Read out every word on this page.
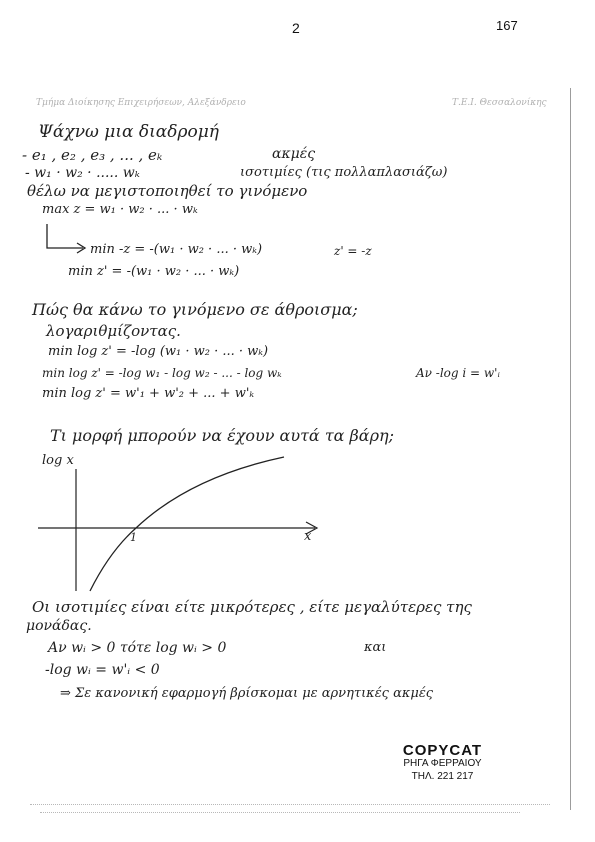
2	167
Τμήμα Διοίκησης Επιχειρήσεων, Αλεξάνδρειο	Τ.Ε.Ι. Θεσσαλονίκης
Ψάχνω μια διαδρομή
- e₁ , e₂ , e₃ , ... , eₖ	ακμές
- w₁ · w₂ · ..... wₖ	ισοτιμίες (τις πολλαπλασιάζω)
θέλω να μεγιστοποιηθεί το γινόμενο
max z = w₁ · w₂ · ... · wₖ
min -z = -(w₁ · w₂ · ... · wₖ)	z' = -z
min z' = -(w₁ · w₂ · ... · wₖ)
Πώς θα κάνω το γινόμενο σε άθροισμα;
λογαριθμίζοντας.
min log z' = -log (w₁ · w₂ · ... · wₖ)
min log z' = -log w₁ - log w₂ - ... - log wₖ	Αν -log i = w'ᵢ
min log z' = w'₁ + w'₂ + ... + w'ₖ
Τι μορφή μπορούν να έχουν αυτά τα βάρη;
log x
x
1
Οι ισοτιμίες είναι είτε μικρότερες , είτε μεγαλύτερες της
μονάδας.
Αν wᵢ > 0 τότε log wᵢ > 0	και
-log wᵢ = w'ᵢ < 0
⇒ Σε κανονική εφαρμογή βρίσκομαι με αρνητικές ακμές
COPYCAT
ΡΗΓΑ ΦΕΡΡΑΙΟΥ
ΤΗΛ. 221 217
